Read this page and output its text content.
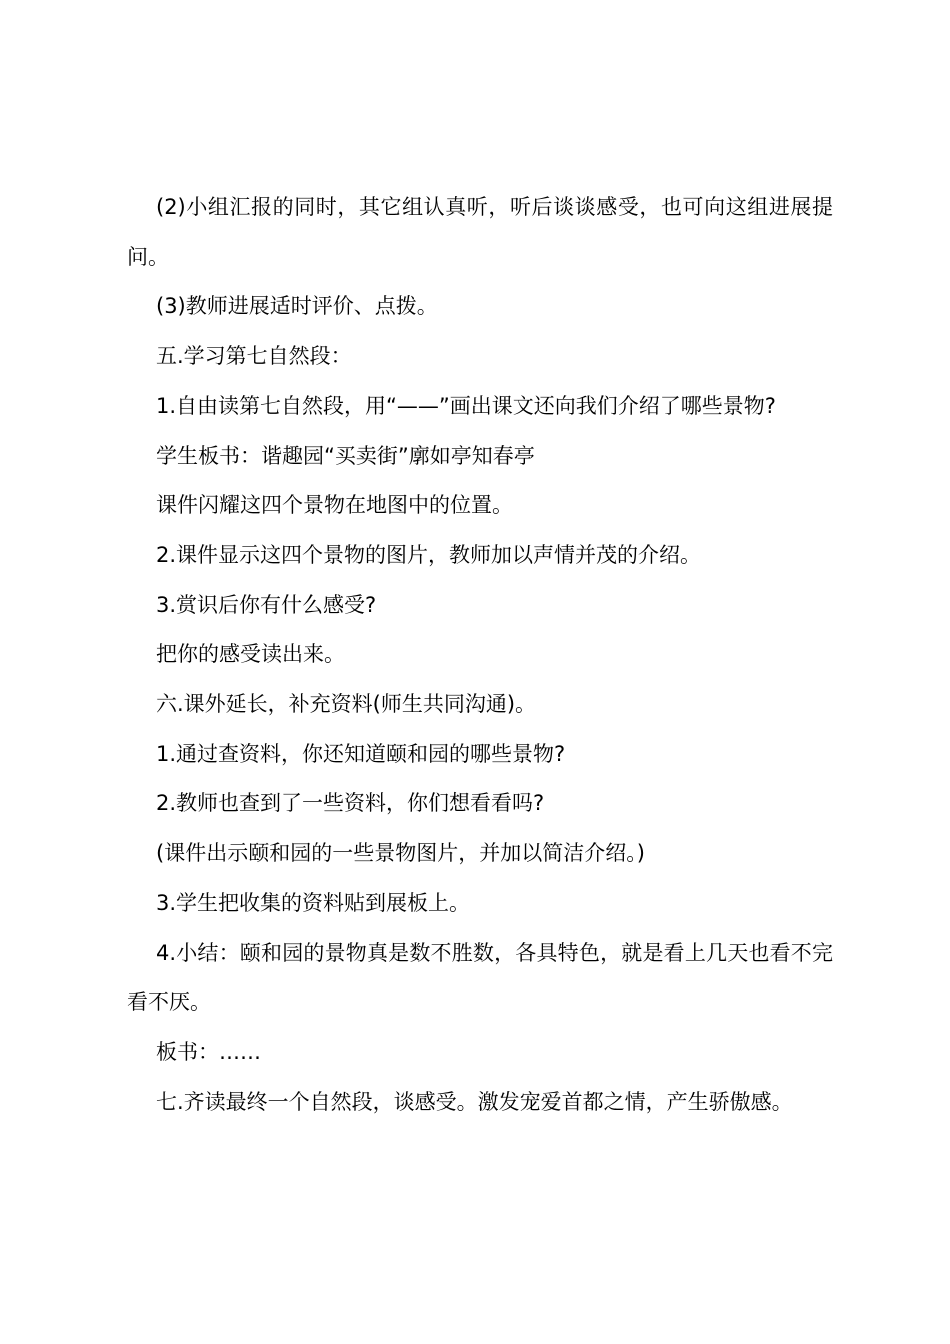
(2)小组汇报的同时，其它组认真听，听后谈谈感受，也可向这组进展提问。

(3)教师进展适时评价、点拨。

五.学习第七自然段：

1.自由读第七自然段，用“——”画出课文还向我们介绍了哪些景物?

学生板书：谐趣园“买卖街”廓如亭知春亭

课件闪耀这四个景物在地图中的位置。

2.课件显示这四个景物的图片，教师加以声情并茂的介绍。

3.赏识后你有什么感受?

把你的感受读出来。

六.课外延长，补充资料(师生共同沟通)。

1.通过查资料，你还知道颐和园的哪些景物?

2.教师也查到了一些资料，你们想看看吗?

(课件出示颐和园的一些景物图片，并加以简洁介绍。)

3.学生把收集的资料贴到展板上。

4.小结：颐和园的景物真是数不胜数，各具特色，就是看上几天也看不完看不厌。

板书：……

七.齐读最终一个自然段，谈感受。激发宠爱首都之情，产生骄傲感。
